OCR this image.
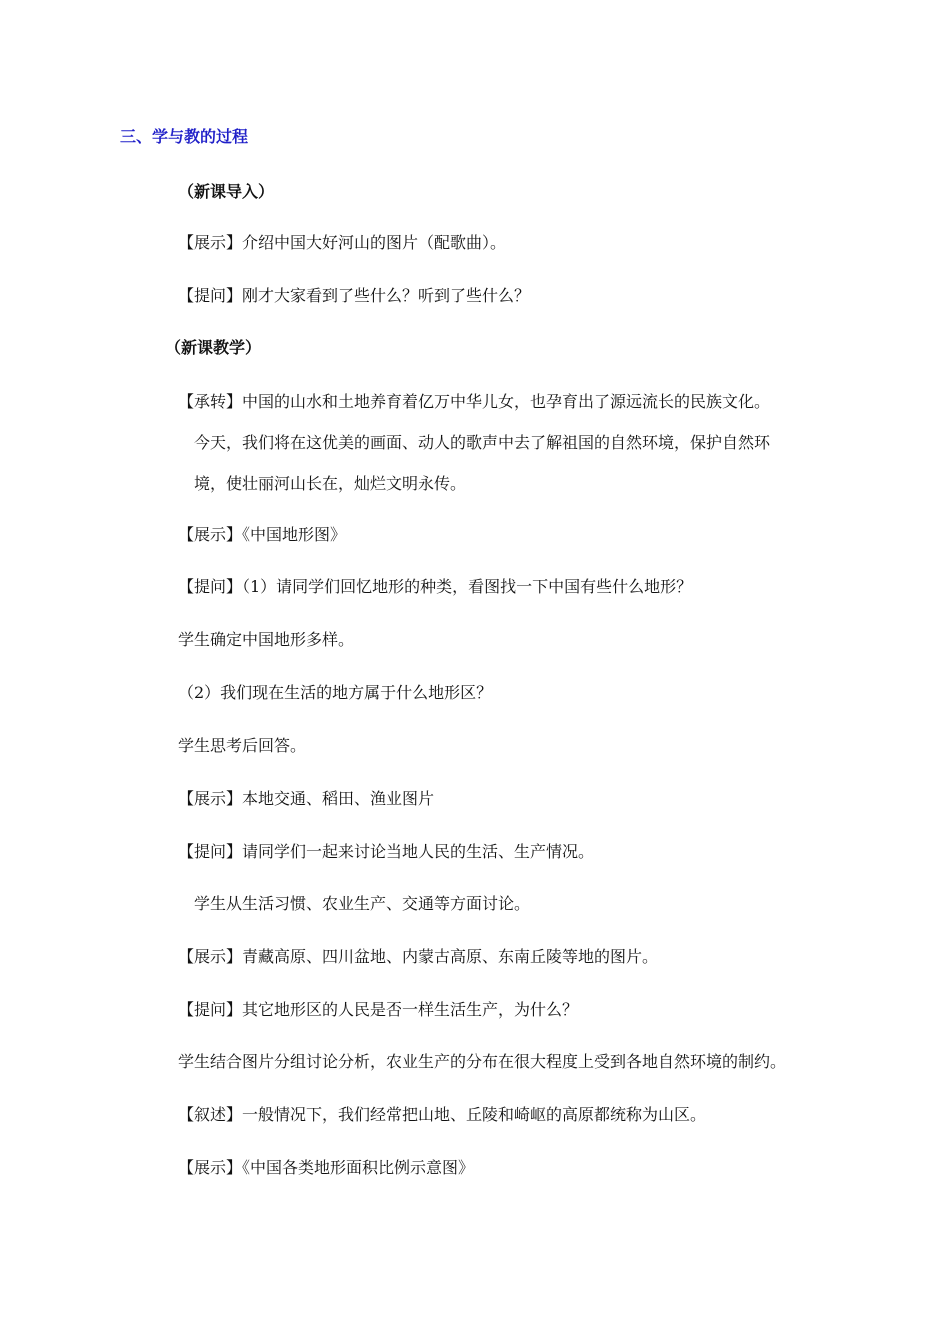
三、学与教的过程
（新课导入）

【展示】介绍中国大好河山的图片（配歌曲）。

【提问】刚才大家看到了些什么？听到了些什么？

（新课教学）

【承转】中国的山水和土地养育着亿万中华儿女，也孕育出了源远流长的民族文化。

今天，我们将在这优美的画面、动人的歌声中去了解祖国的自然环境，保护自然环

境，使壮丽河山长在，灿烂文明永传。

【展示】《中国地形图》

【提问】（1）请同学们回忆地形的种类，看图找一下中国有些什么地形？

学生确定中国地形多样。

（2）我们现在生活的地方属于什么地形区？

学生思考后回答。

【展示】本地交通、稻田、渔业图片

【提问】请同学们一起来讨论当地人民的生活、生产情况。

学生从生活习惯、农业生产、交通等方面讨论。

【展示】青藏高原、四川盆地、内蒙古高原、东南丘陵等地的图片。

【提问】其它地形区的人民是否一样生活生产，为什么？

学生结合图片分组讨论分析，农业生产的分布在很大程度上受到各地自然环境的制约。

【叙述】一般情况下，我们经常把山地、丘陵和崎岖的高原都统称为山区。

【展示】《中国各类地形面积比例示意图》
